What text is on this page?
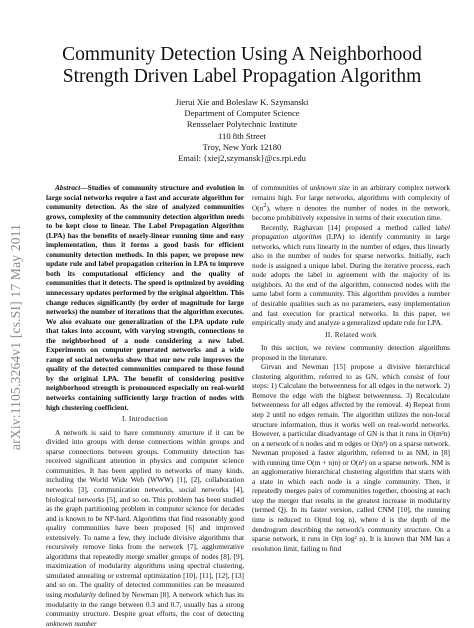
arXiv:1105.3264v1 [cs.SI] 17 May 2011
Community Detection Using A Neighborhood
Strength Driven Label Propagation Algorithm
Jierui Xie and Boleslaw K. Szymanski
Department of Computer Science
Rensselaer Polytechnic Institute
110 8th Street
Troy, New York 12180
Email: {xiej2,szymansk}@cs.rpi.edu

Abstract—Studies of community structure and evolution in large social networks require a fast and accurate algorithm for community detection. As the size of analyzed communities grows, complexity of the community detection algorithm needs to be kept close to linear. The Label Propagation Algorithm (LPA) has the benefits of nearly-linear running time and easy implementation, thus it forms a good basis for efficient community detection methods. In this paper, we propose new update rule and label propagation criterion in LPA to improve both its computational efficiency and the quality of communities that it detects. The speed is optimized by avoiding unnecessary updates performed by the original algorithm. This change reduces significantly (by order of magnitude for large networks) the number of iterations that the algorithm executes. We also evaluate our generalization of the LPA update rule that takes into account, with varying strength, connections to the neighborhood of a node considering a new label. Experiments on computer generated networks and a wide range of social networks show that our new rule improves the quality of the detected communities compared to those found by the original LPA. The benefit of considering positive neighborhood strength is pronounced especially on real-world networks containing sufficiently large fraction of nodes with high clustering coefficient.

I. Introduction

A network is said to have community structure if it can be divided into groups with dense connections within groups and sparse connections between groups. Community detection has received significant attention in physics and computer science communities. It has been applied to networks of many kinds, including the World Wide Web (WWW) [1], [2], collaboration networks [3], communication networks, social networks [4], biological networks [5], and so on. This problem has been studied as the graph partitioning problem in computer science for decades and is known to be NP-hard. Algorithms that find reasonably good quality communities have been proposed [6] and improved extensively. To name a few, they include divisive algorithms that recursively remove links from the network [7], agglomerative algorithms that repeatedly merge smaller groups of nodes [8], [9], maximization of modularity algorithms using spectral clustering, simulated annealing or extremal optimization [10], [11], [12], [13] and so on. The quality of detected communities can be measured using modularity defined by Newman [8]. A network which has its modularity in the range between 0.3 and 0.7, usually has a strong community structure. Despite great efforts, the cost of detecting unknown number

of communities of unknown size in an arbitrary complex network remains high. For large networks, algorithms with complexity of $O(n^2)$, where n denotes the number of nodes in the network, become prohibitively expensive in terms of their execution time.

Recently, Raghavan [14] proposed a method called label propagation algorithm (LPA) to identify community in large networks, which runs linearly in the number of edges, thus linearly also in the number of nodes for sparse networks. Initially, each node is assigned a unique label. During the iterative process, each node adopts the label in agreement with the majority of its neighbors. At the end of the algorithm, connected nodes with the same label form a community. This algorithm provides a number of desirable qualities such as no parameters, easy implementation and fast execution for practical networks. In this paper, we empirically study and analyze a generalized update rule for LPA.

II. Related work

In this section, we review community detection algorithms proposed in the literature.

Girvan and Newman [15] propose a divisive hierarchical clustering algorithm, referred to as GN, which consist of four steps: 1) Calculate the betweenness for all edges in the network. 2) Remove the edge with the highest betweenness. 3) Recalculate betweenness for all edges affected by the removal. 4) Repeat from step 2 until no edges remain. The algorithm utilizes the non-local structure information, thus it works well on real-world networks. However, a particular disadvantage of GN is that it runs in O(m²n) on a network of n nodes and m edges or O(n³) on a sparse network. Newman proposed a faster algorithm, referred to as NM, in [8] with running time O(m + n)n) or O(n²) on a sparse network. NM is an agglomerative hierarchical clustering algorithm that starts with a state in which each node is a single community. Then, it repeatedly merges pairs of communities together, choosing at each step the merger that results in the greatest increase in modularity (termed Q). In its faster version, called CNM [10], the running time is reduced to O(md log n), where d is the depth of the dendrogram describing the network's community structure. On a sparse network, it runs in O(n log² n). It is known that NM has a resolution limit, failing to find
